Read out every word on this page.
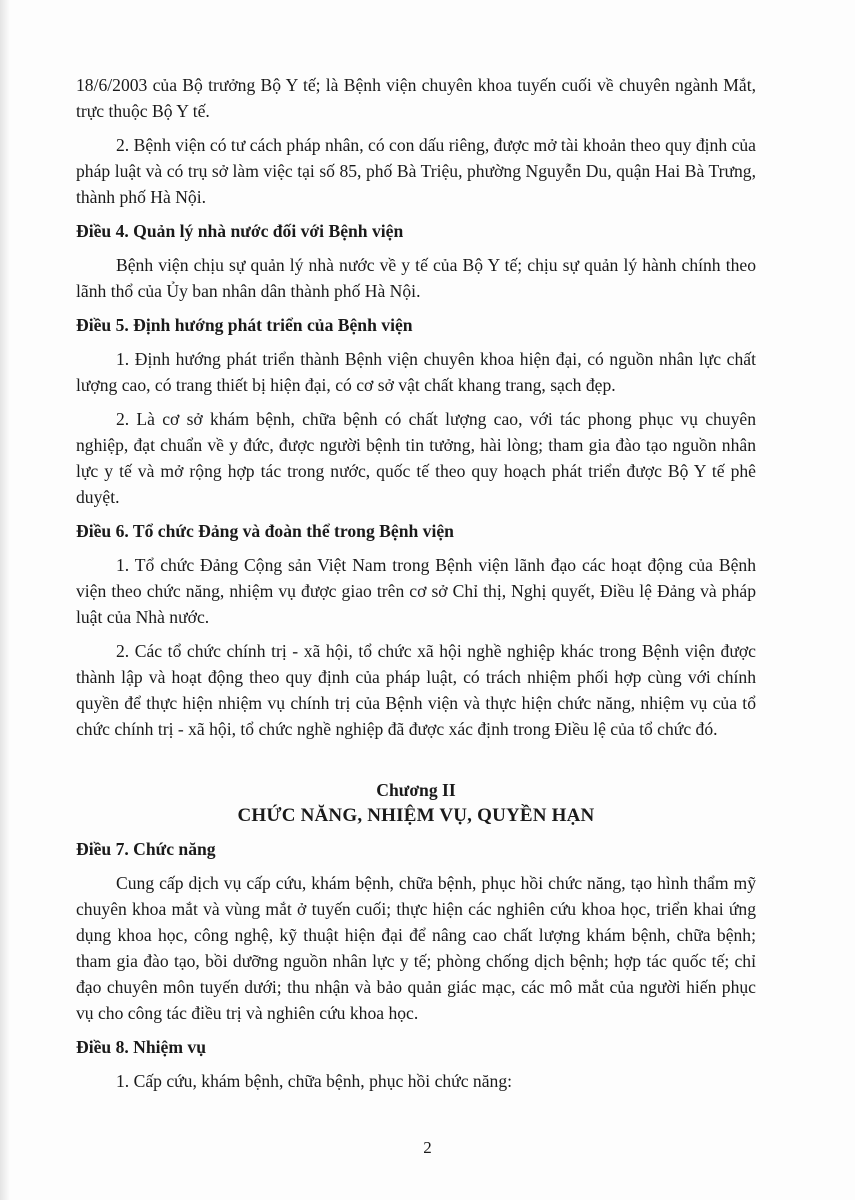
18/6/2003 của Bộ trưởng Bộ Y tế; là Bệnh viện chuyên khoa tuyến cuối về chuyên ngành Mắt, trực thuộc Bộ Y tế.

2. Bệnh viện có tư cách pháp nhân, có con dấu riêng, được mở tài khoản theo quy định của pháp luật và có trụ sở làm việc tại số 85, phố Bà Triệu, phường Nguyễn Du, quận Hai Bà Trưng, thành phố Hà Nội.

Điều 4. Quản lý nhà nước đối với Bệnh viện

Bệnh viện chịu sự quản lý nhà nước về y tế của Bộ Y tế; chịu sự quản lý hành chính theo lãnh thổ của Ủy ban nhân dân thành phố Hà Nội.

Điều 5. Định hướng phát triển của Bệnh viện

1. Định hướng phát triển thành Bệnh viện chuyên khoa hiện đại, có nguồn nhân lực chất lượng cao, có trang thiết bị hiện đại, có cơ sở vật chất khang trang, sạch đẹp.

2. Là cơ sở khám bệnh, chữa bệnh có chất lượng cao, với tác phong phục vụ chuyên nghiệp, đạt chuẩn về y đức, được người bệnh tin tưởng, hài lòng; tham gia đào tạo nguồn nhân lực y tế và mở rộng hợp tác trong nước, quốc tế theo quy hoạch phát triển được Bộ Y tế phê duyệt.

Điều 6. Tổ chức Đảng và đoàn thể trong Bệnh viện

1. Tổ chức Đảng Cộng sản Việt Nam trong Bệnh viện lãnh đạo các hoạt động của Bệnh viện theo chức năng, nhiệm vụ được giao trên cơ sở Chỉ thị, Nghị quyết, Điều lệ Đảng và pháp luật của Nhà nước.

2. Các tổ chức chính trị - xã hội, tổ chức xã hội nghề nghiệp khác trong Bệnh viện được thành lập và hoạt động theo quy định của pháp luật, có trách nhiệm phối hợp cùng với chính quyền để thực hiện nhiệm vụ chính trị của Bệnh viện và thực hiện chức năng, nhiệm vụ của tổ chức chính trị - xã hội, tổ chức nghề nghiệp đã được xác định trong Điều lệ của tổ chức đó.

Chương II
CHỨC NĂNG, NHIỆM VỤ, QUYỀN HẠN
Điều 7. Chức năng

Cung cấp dịch vụ cấp cứu, khám bệnh, chữa bệnh, phục hồi chức năng, tạo hình thẩm mỹ chuyên khoa mắt và vùng mắt ở tuyến cuối; thực hiện các nghiên cứu khoa học, triển khai ứng dụng khoa học, công nghệ, kỹ thuật hiện đại để nâng cao chất lượng khám bệnh, chữa bệnh; tham gia đào tạo, bồi dưỡng nguồn nhân lực y tế; phòng chống dịch bệnh; hợp tác quốc tế; chỉ đạo chuyên môn tuyến dưới; thu nhận và bảo quản giác mạc, các mô mắt của người hiến phục vụ cho công tác điều trị và nghiên cứu khoa học.

Điều 8. Nhiệm vụ

1. Cấp cứu, khám bệnh, chữa bệnh, phục hồi chức năng:

2
